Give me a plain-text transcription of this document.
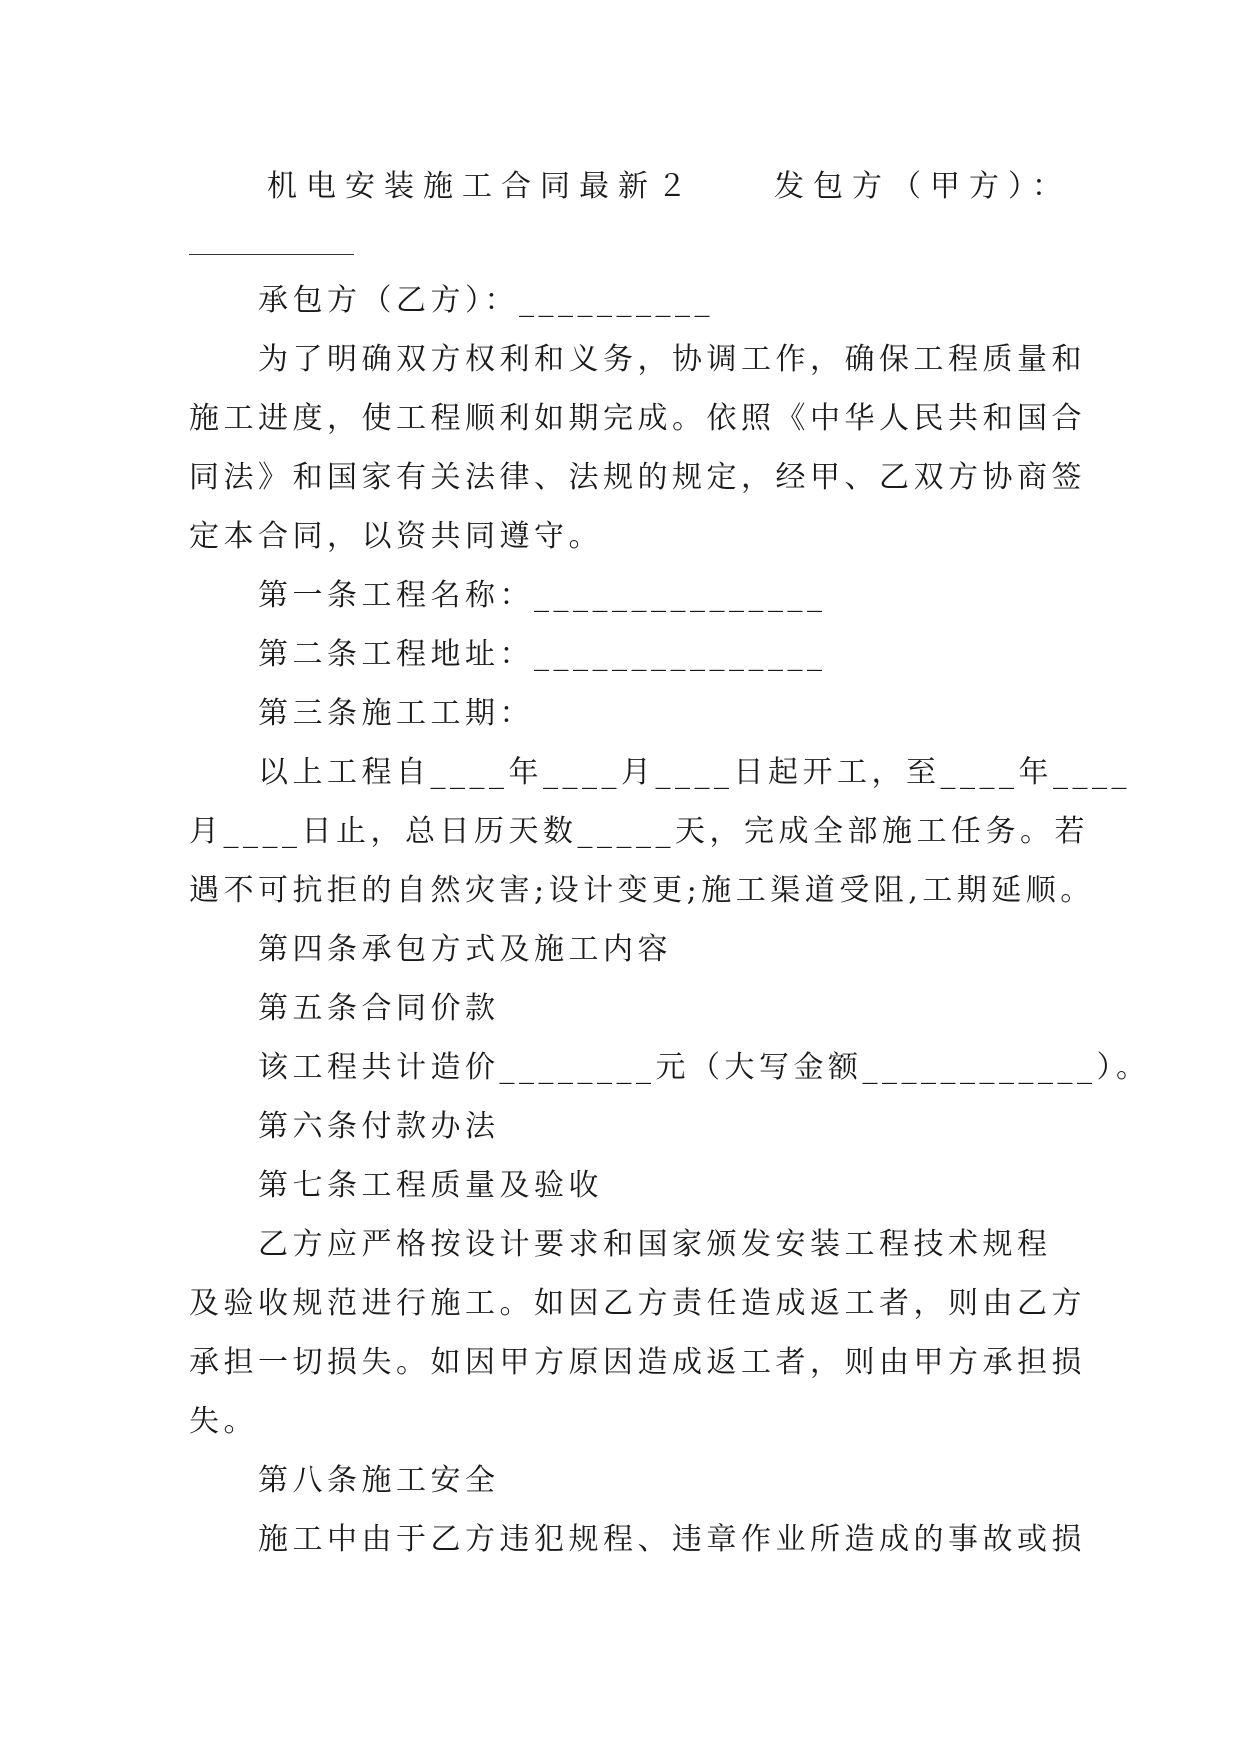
　　机电安装施工合同最新２　　发包方（甲方）：
　　承包方（乙方）：__________
　　为了明确双方权利和义务，协调工作，确保工程质量和
施工进度，使工程顺利如期完成。依照《中华人民共和国合
同法》和国家有关法律、法规的规定，经甲、乙双方协商签
定本合同，以资共同遵守。
　　第一条工程名称：_______________
　　第二条工程地址：_______________
　　第三条施工工期：
　　以上工程自____年____月____日起开工，至____年____
月____日止，总日历天数_____天，完成全部施工任务。若
遇不可抗拒的自然灾害;设计变更;施工渠道受阻,工期延顺。
　　第四条承包方式及施工内容
　　第五条合同价款
　　该工程共计造价________元（大写金额____________）。
　　第六条付款办法
　　第七条工程质量及验收
　　乙方应严格按设计要求和国家颁发安装工程技术规程
及验收规范进行施工。如因乙方责任造成返工者，则由乙方
承担一切损失。如因甲方原因造成返工者，则由甲方承担损
失。
　　第八条施工安全
　　施工中由于乙方违犯规程、违章作业所造成的事故或损
